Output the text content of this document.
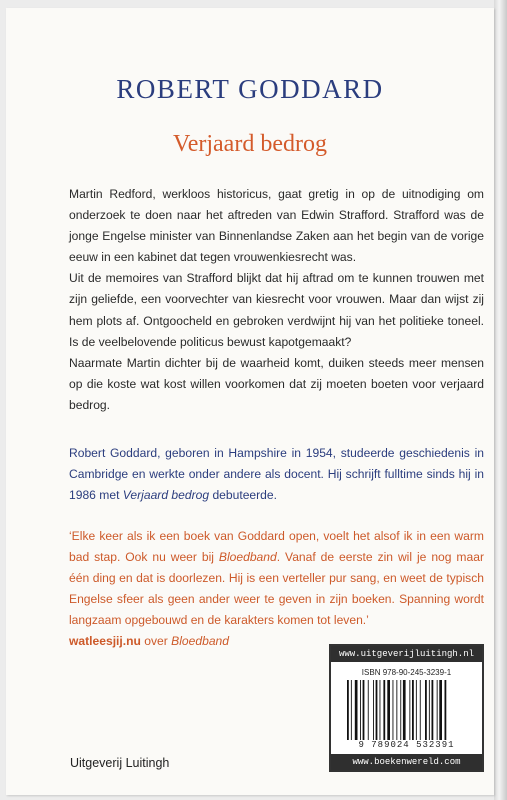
ROBERT GODDARD
Verjaard bedrog

Martin Redford, werkloos historicus, gaat gretig in op de uitnodiging om onderzoek te doen naar het aftreden van Edwin Strafford. Strafford was de jonge Engelse minister van Binnenlandse Zaken aan het begin van de vorige eeuw in een kabinet dat tegen vrouwenkiesrecht was.

Uit de memoires van Strafford blijkt dat hij aftrad om te kunnen trouwen met zijn geliefde, een voorvechter van kiesrecht voor vrouwen. Maar dan wijst zij hem plots af. Ontgoocheld en gebroken verdwijnt hij van het politieke toneel. Is de veelbelovende politicus bewust kapotgemaakt?

Naarmate Martin dichter bij de waarheid komt, duiken steeds meer mensen op die koste wat kost willen voorkomen dat zij moeten boeten voor verjaard bedrog.

Robert Goddard, geboren in Hampshire in 1954, studeerde geschiedenis in Cambridge en werkte onder andere als docent. Hij schrijft fulltime sinds hij in 1986 met Verjaard bedrog debuteerde.
‘Elke keer als ik een boek van Goddard open, voelt het alsof ik in een warm bad stap. Ook nu weer bij Bloedband. Vanaf de eerste zin wil je nog maar één ding en dat is doorlezen. Hij is een verteller pur sang, en weet de typisch Engelse sfeer als geen ander weer te geven in zijn boeken. Spanning wordt langzaam opgebouwd en de karakters komen tot leven.’
watleesjij.nu over Bloedband
Uitgeverij Luitingh
www.uitgeverijluitingh.nl
ISBN 978-90-245-3239-1
9 789024 532391
www.boekenwereld.com
